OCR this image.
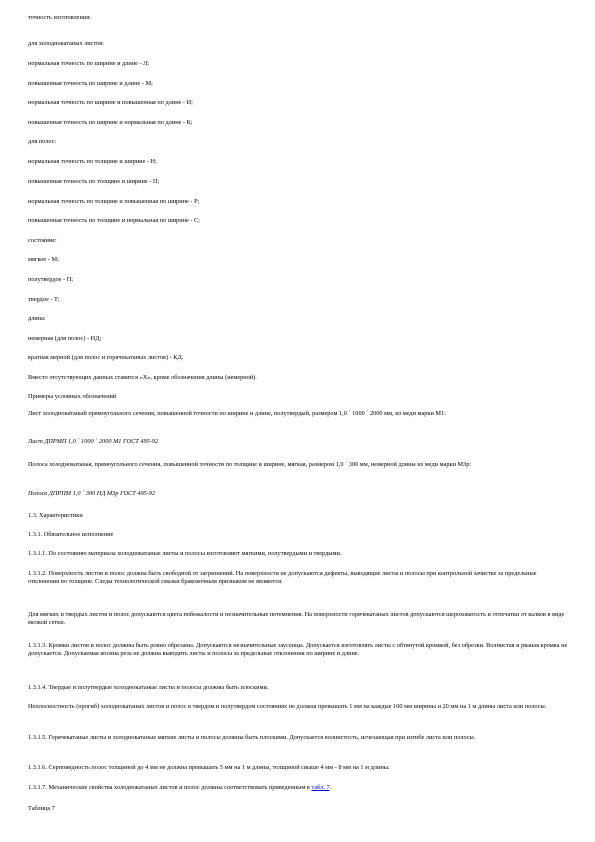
точность изготовления:
для холоднокатаных листов:
нормальная точность по ширине и длине - Л;
повышенная точность по ширине и длине - М;
нормальная точность по ширине и повышенная по длине - И;
повышенная точность по ширине и нормальная по длине - К;
для полос:
нормальная точность по толщине и ширине - Н;
повышенная точность по толщине и ширине - П;
нормальная точность по толщине и повышенная по ширине - Р;
повышенная точность по толщине и нормальная по ширине - С;
состояние:
мягкое - М;
полутвердое - П;
твердое - Т;
длина:
немерная (для полос) - НД;
кратная мерной (для полос и горячекатаных листов) - КД.
Вместо отсутствующих данных ставится «Х», кроме обозначения длины (немерной).
Примеры условных обозначений
Лист холоднокатаный прямоугольного сечения, повышенной точности по ширине и длине, полутвердый, размером 1,0 ´ 1000 ´ 2000 мм, из меди марки М1:
Лист ДПРМП 1,0 ´ 1000 ´ 2000 М1 ГОСТ 495-92
Полоса холоднокатаная, прямоугольного сечения, повышенной точности по толщине и ширине, мягкая, размером 1,0 ´ 300 мм, немерной длины из меди марки М3р:
Полоса ДПРПМ 1,0 ´ 300 НД М3р ГОСТ 495-92
1.3. Характеристики
1.3.1. Обязательное исполнение
1.3.1.1. По состоянию материала холоднокатаные листы и полосы изготовляют мягкими, полутвердыми и твердыми.
1.3.1.2. Поверхность листов и полос должна быть свободной от загрязнений. На поверхности не допускаются дефекты, выводящие листы и полосы при контрольной зачистке за предельные отклонения по толщине. Следы технологической смазки браковочным признаком не являются.
Для мягких и твердых листов и полос допускаются цвета побежалости и незначительные потемнения. На поверхности горячекатаных листов допускаются шероховатость и отпечатки от валков в виде мелкой сетки.
1.3.1.3. Кромки листов и полос должны быть ровно обрезаны. Допускаются незначительные заусенцы. Допускается изготовлять листы с обтянутой кромкой, без обрезки. Волнистая и рваная кромка не допускается. Допускаемая косина реза не должна выводить листы и полосы за предельные отклонения по ширине и длине.
1.3.1.4. Твердые и полутвердые холоднокатаные листы и полосы должны быть плоскими.
Неплоскостность (прогиб) холоднокатаных листов и полос в твердом и полутвердом состояниях не должна превышать 1 мм на каждые 100 мм ширины и 20 мм на 1 м длины листа или полосы.
1.3.1.5. Горячекатаные листы и холоднокатаные мягкие листы и полосы должны быть плоскими. Допускается волнистость, исчезающая при изгибе листа или полосы.
1.3.1.6. Серповидность полос толщиной до 4 мм не должна превышать 5 мм на 1 м длины, толщиной свыше 4 мм - 8 мм на 1 м длины.
1.3.1.7. Механические свойства холоднокатаных листов и полос должны соответствовать приведенным в табл. 7.
Таблица 7
